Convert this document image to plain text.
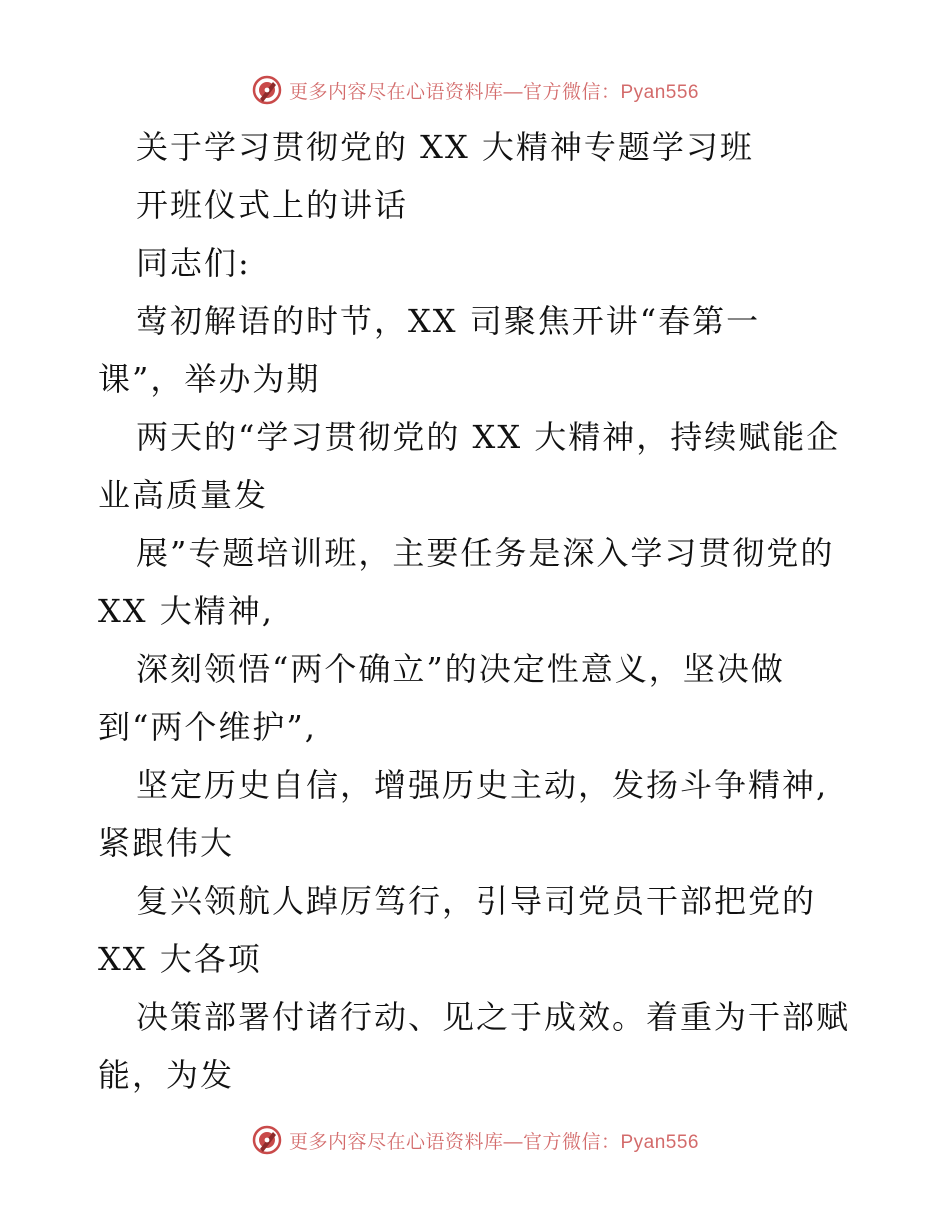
更多内容尽在心语资料库—官方微信：Pyan556
关于学习贯彻党的 XX 大精神专题学习班
开班仪式上的讲话
同志们:
莺初解语的时节，XX 司聚焦开讲“春第一
课”，举办为期
两天的“学习贯彻党的 XX 大精神，持续赋能企
业高质量发
展”专题培训班，主要任务是深入学习贯彻党的
XX 大精神,
深刻领悟“两个确立”的决定性意义，坚决做
到“两个维护”,
坚定历史自信，增强历史主动，发扬斗争精神,
紧跟伟大
复兴领航人踔厉笃行，引导司党员干部把党的
XX 大各项
决策部署付诸行动、见之于成效。着重为干部赋
能，为发
更多内容尽在心语资料库—官方微信：Pyan556
